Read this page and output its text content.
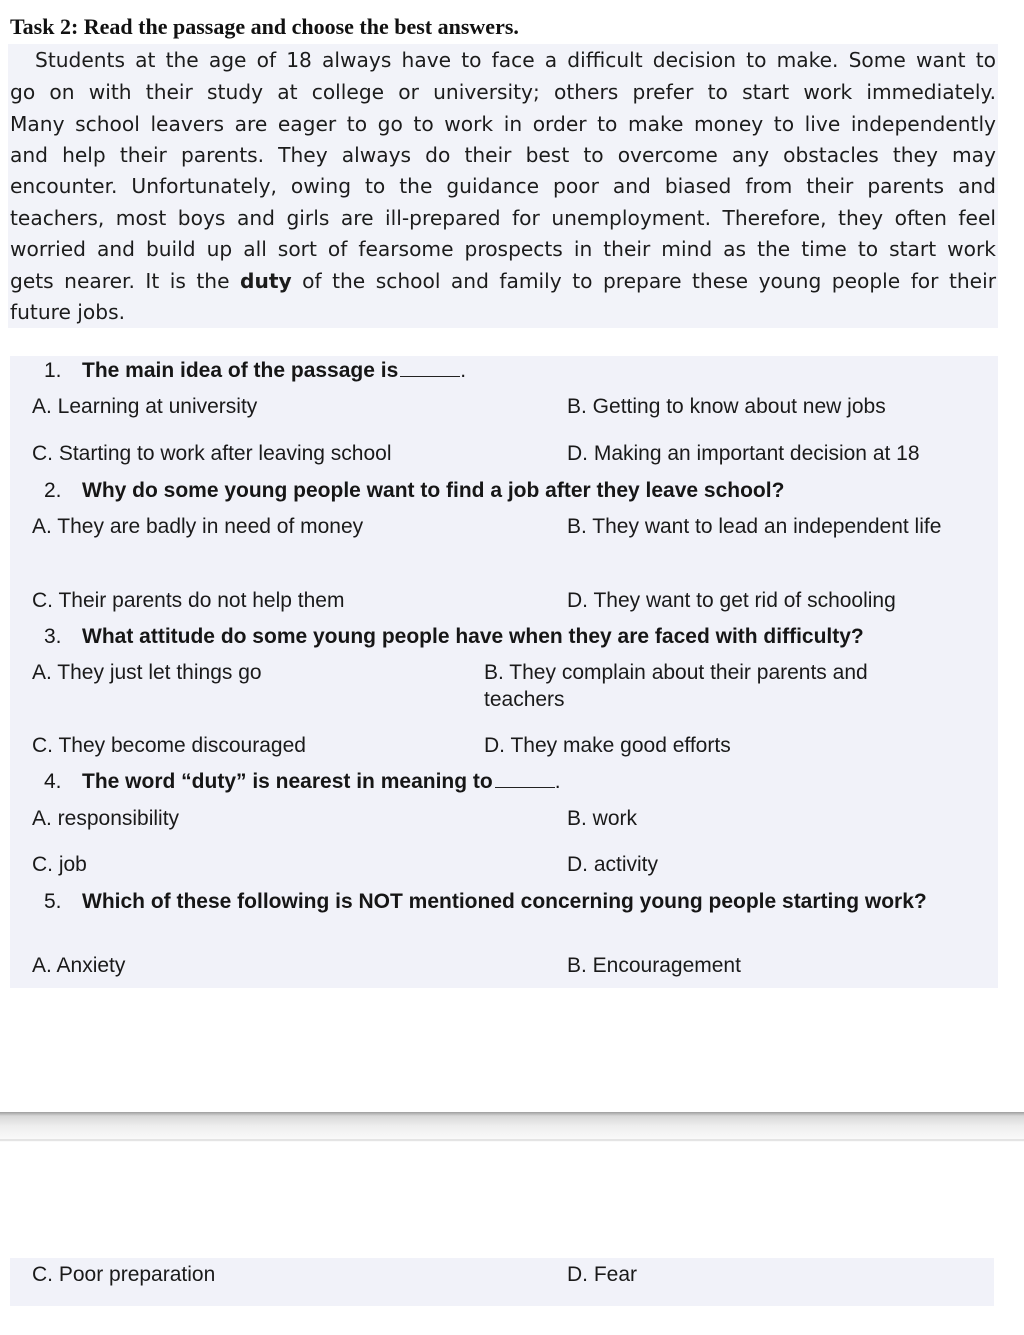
Task 2: Read the passage and choose the best answers.
Students at the age of 18 always have to face a difficult decision to make. Some want to
go on with their study at college or university; others prefer to start work immediately.
Many school leavers are eager to go to work in order to make money to live independently
and help their parents. They always do their best to overcome any obstacles they may
encounter. Unfortunately, owing to the guidance poor and biased from their parents and
teachers, most boys and girls are ill-prepared for unemployment. Therefore, they often feel
worried and build up all sort of fearsome prospects in their mind as the time to start work
gets nearer. It is the duty of the school and family to prepare these young people for their
future jobs.
1. The main idea of the passage is	.
A. Learning at university	B. Getting to know about new jobs
C. Starting to work after leaving school	D. Making an important decision at 18
2. Why do some young people want to find a job after they leave school?
A. They are badly in need of money	B. They want to lead an independent life
C. Their parents do not help them	D. They want to get rid of schooling
3. What attitude do some young people have when they are faced with difficulty?
A. They just let things go	B. They complain about their parents and teachers
C. They become discouraged	D. They make good efforts
4. The word “duty” is nearest in meaning to	.
A. responsibility	B. work
C. job	D. activity
5. Which of these following is NOT mentioned concerning young people starting work?
A. Anxiety	B. Encouragement
C. Poor preparation	D. Fear
